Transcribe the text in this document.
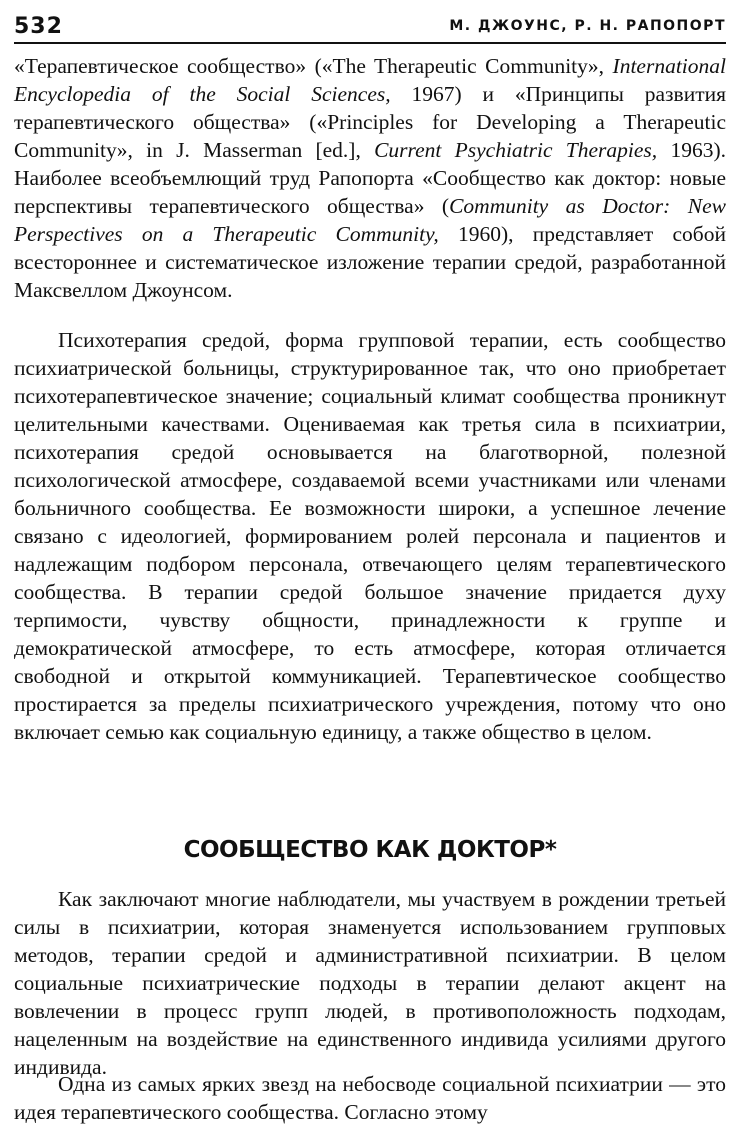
532	М. ДЖОУНС, Р. Н. РАПОПОРТ

«Терапевтическое сообщество» («The Therapeutic Community», International Encyclopedia of the Social Sciences, 1967) и «Принципы развития терапевтического общества» («Principles for Developing a Therapeutic Community», in J. Masserman [ed.], Current Psychiatric Therapies, 1963). Наиболее всеобъемлющий труд Рапопорта «Сообщество как доктор: новые перспективы терапевтического общества» (Community as Doctor: New Perspectives on a Therapeutic Community, 1960), представляет собой всестороннее и систематическое изложение терапии средой, разработанной Максвеллом Джоунсом.

Психотерапия средой, форма групповой терапии, есть сообщество психиатрической больницы, структурированное так, что оно приобретает психотерапевтическое значение; социальный климат сообщества проникнут целительными качествами. Оцениваемая как третья сила в психиатрии, психотерапия средой основывается на благотворной, полезной психологической атмосфере, создаваемой всеми участниками или членами больничного сообщества. Ее возможности широки, а успешное лечение связано с идеологией, формированием ролей персонала и пациентов и надлежащим подбором персонала, отвечающего целям терапевтического сообщества. В терапии средой большое значение придается духу терпимости, чувству общности, принадлежности к группе и демократической атмосфере, то есть атмосфере, которая отличается свободной и открытой коммуникацией. Терапевтическое сообщество простирается за пределы психиатрического учреждения, потому что оно включает семью как социальную единицу, а также общество в целом.

СООБЩЕСТВО КАК ДОКТОР*

Как заключают многие наблюдатели, мы участвуем в рождении третьей силы в психиатрии, которая знаменуется использованием групповых методов, терапии средой и административной психиатрии. В целом социальные психиатрические подходы в терапии делают акцент на вовлечении в процесс групп людей, в противоположность подходам, нацеленным на воздействие на единственного индивида усилиями другого индивида.

Одна из самых ярких звезд на небосводе социальной психиатрии — это идея терапевтического сообщества. Согласно этому
